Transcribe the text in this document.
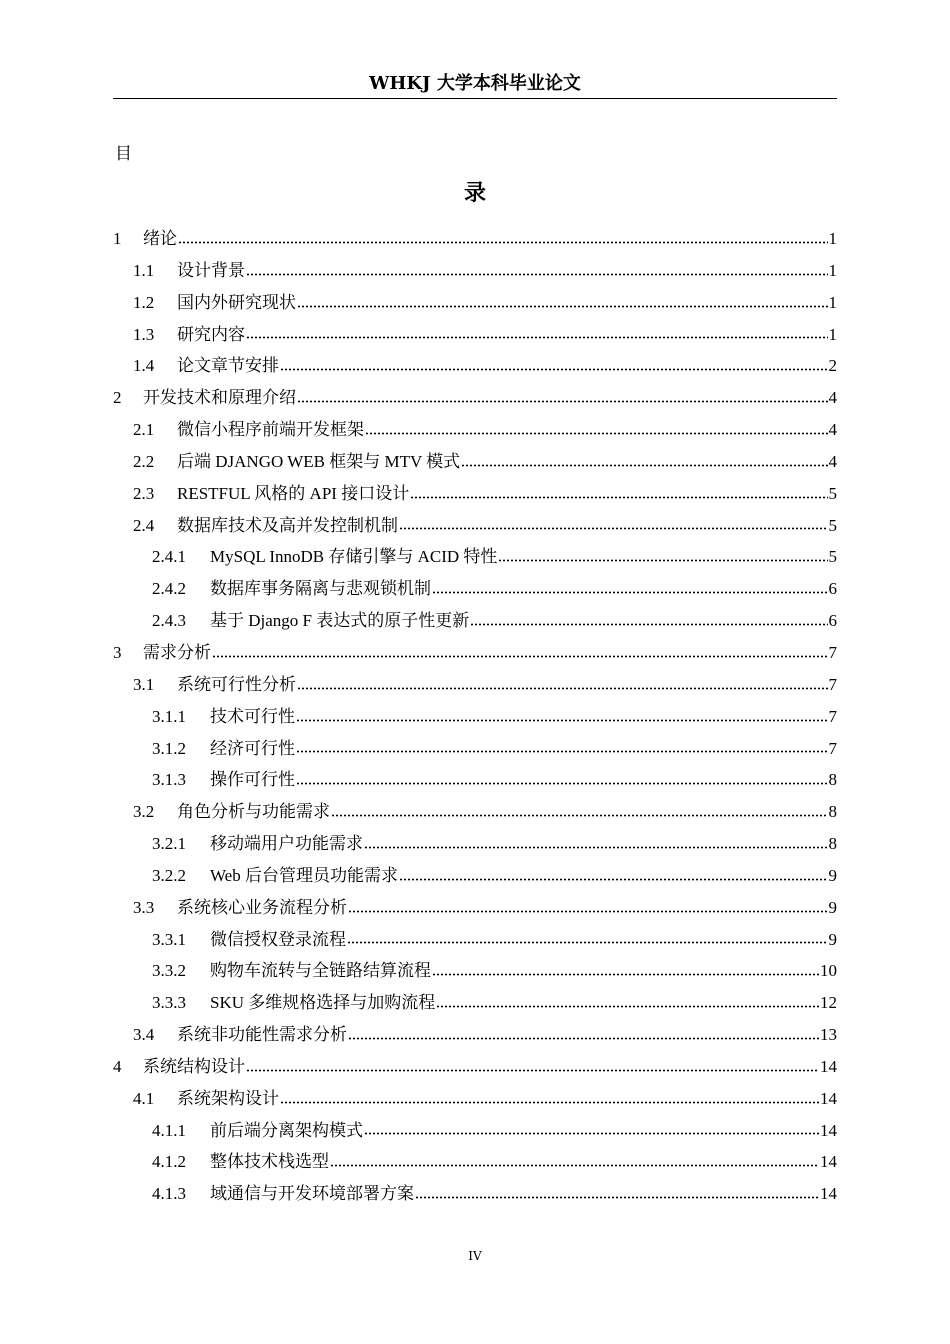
WHKJ 大学本科毕业论文
目
录
1	绪论	1
1.1	设计背景	1
1.2	国内外研究现状	1
1.3	研究内容	1
1.4	论文章节安排	2
2	开发技术和原理介绍	4
2.1	微信小程序前端开发框架	4
2.2	后端 DJANGO WEB 框架与 MTV 模式	4
2.3	RESTFUL 风格的 API 接口设计	5
2.4	数据库技术及高并发控制机制	5
2.4.1	MySQL InnoDB 存储引擎与 ACID 特性	5
2.4.2	数据库事务隔离与悲观锁机制	6
2.4.3	基于 Django F 表达式的原子性更新	6
3	需求分析	7
3.1	系统可行性分析	7
3.1.1	技术可行性	7
3.1.2	经济可行性	7
3.1.3	操作可行性	8
3.2	角色分析与功能需求	8
3.2.1	移动端用户功能需求	8
3.2.2	Web 后台管理员功能需求	9
3.3	系统核心业务流程分析	9
3.3.1	微信授权登录流程	9
3.3.2	购物车流转与全链路结算流程	10
3.3.3	SKU 多维规格选择与加购流程	12
3.4	系统非功能性需求分析	13
4	系统结构设计	14
4.1	系统架构设计	14
4.1.1	前后端分离架构模式	14
4.1.2	整体技术栈选型	14
4.1.3	域通信与开发环境部署方案	14
IV
